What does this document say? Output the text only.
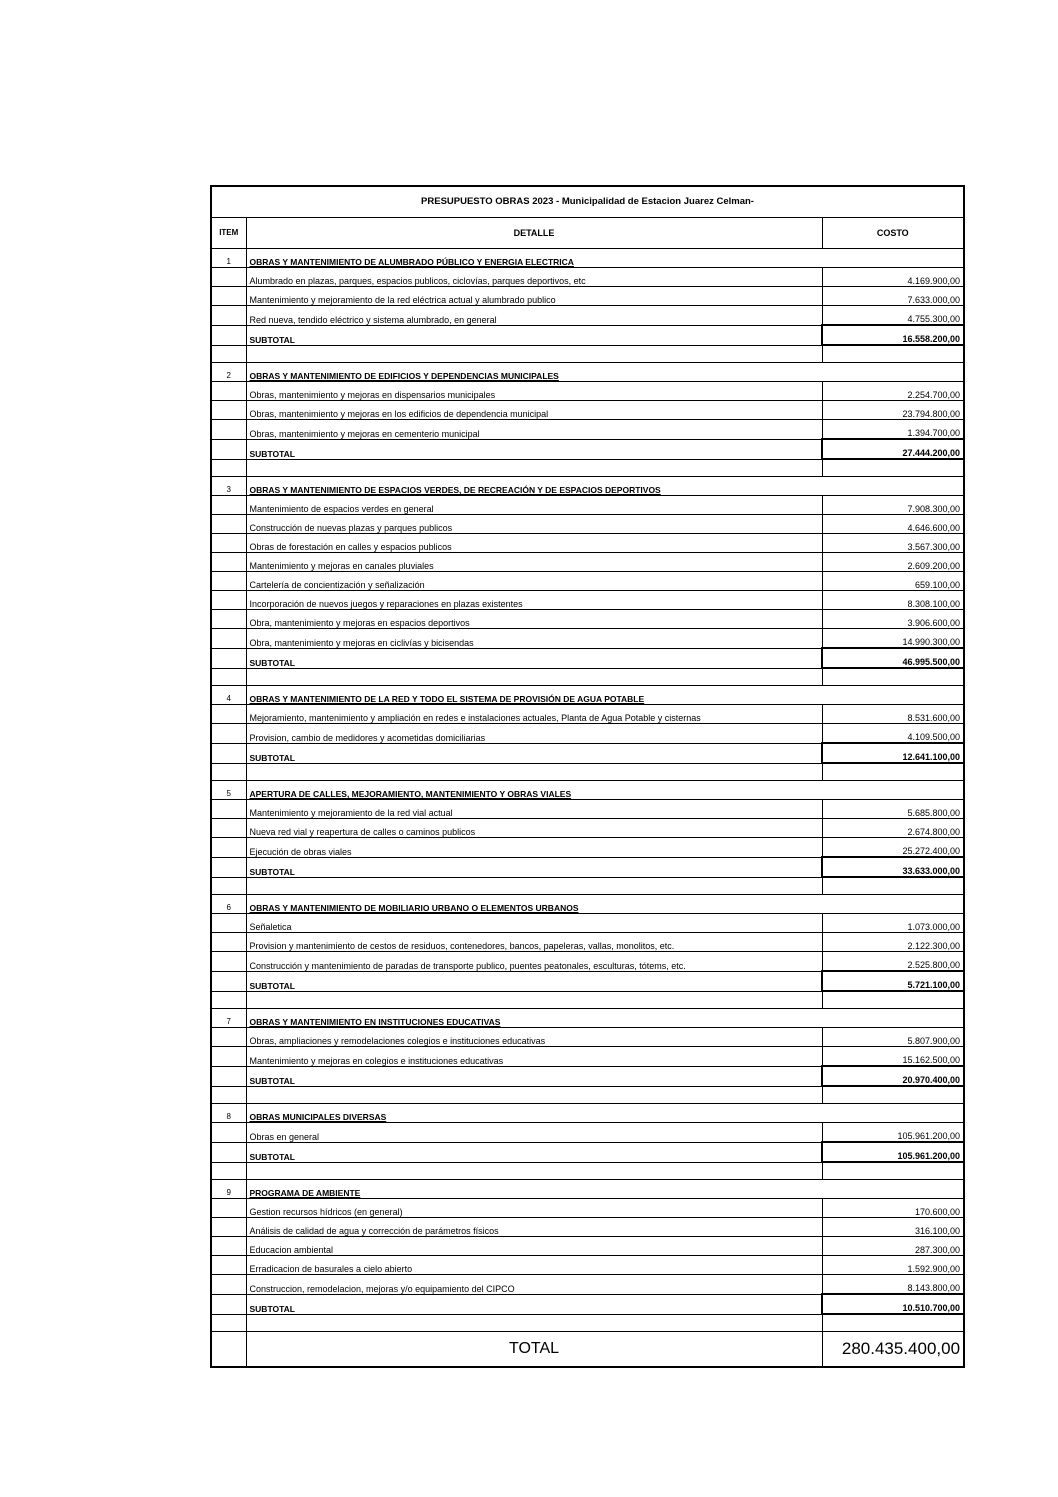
PRESUPUESTO OBRAS 2023 - Municipalidad de Estacion Juarez Celman-		
ITEM	DETALLE	COSTO
1	OBRAS Y MANTENIMIENTO DE ALUMBRADO PÚBLICO Y ENERGIA ELECTRICA	
	Alumbrado en plazas, parques, espacios publicos, ciclovías, parques deportivos, etc	4.169.900,00
	Mantenimiento y mejoramiento de la red eléctrica actual y alumbrado publico	7.633.000,00
	Red nueva, tendido eléctrico y sistema alumbrado, en general	4.755.300,00
	SUBTOTAL	16.558.200,00

2	OBRAS Y MANTENIMIENTO DE EDIFICIOS Y DEPENDENCIAS MUNICIPALES	
	Obras, mantenimiento y mejoras en dispensarios municipales	2.254.700,00
	Obras, mantenimiento y mejoras en los edificios de dependencia municipal	23.794.800,00
	Obras, mantenimiento y mejoras en cementerio municipal	1.394.700,00
	SUBTOTAL	27.444.200,00

3	OBRAS Y MANTENIMIENTO DE ESPACIOS VERDES, DE RECREACIÓN Y DE ESPACIOS DEPORTIVOS	
	Mantenimiento de espacios verdes en general	7.908.300,00
	Construcción de nuevas plazas y parques publicos	4.646.600,00
	Obras de forestación en calles y espacios publicos	3.567.300,00
	Mantenimiento y mejoras en canales pluviales	2.609.200,00
	Cartelería de concientización y señalización	659.100,00
	Incorporación de nuevos juegos y reparaciones en plazas existentes	8.308.100,00
	Obra, mantenimiento y mejoras en espacios deportivos	3.906.600,00
	Obra, mantenimiento y mejoras en ciclivías y bicisendas	14.990.300,00
	SUBTOTAL	46.995.500,00

4	OBRAS Y MANTENIMIENTO DE LA RED Y TODO EL SISTEMA DE PROVISIÓN DE AGUA POTABLE	
	Mejoramiento, mantenimiento y ampliación en redes e instalaciones actuales, Planta de Agua Potable y cisternas	8.531.600,00
	Provision, cambio de medidores y acometidas domiciliarias	4.109.500,00
	SUBTOTAL	12.641.100,00

5	APERTURA DE CALLES, MEJORAMIENTO, MANTENIMIENTO Y OBRAS VIALES	
	Mantenimiento y mejoramiento de la red vial actual	5.685.800,00
	Nueva red vial y reapertura de calles o caminos publicos	2.674.800,00
	Ejecución de obras viales	25.272.400,00
	SUBTOTAL	33.633.000,00

6	OBRAS Y MANTENIMIENTO DE MOBILIARIO URBANO O ELEMENTOS URBANOS	
	Señaletica	1.073.000,00
	Provision y mantenimiento de cestos de residuos, contenedores, bancos, papeleras, vallas, monolitos, etc.	2.122.300,00
	Construcción y mantenimiento de paradas de transporte publico, puentes peatonales, esculturas, tótems, etc.	2.525.800,00
	SUBTOTAL	5.721.100,00

7	OBRAS Y MANTENIMIENTO EN INSTITUCIONES EDUCATIVAS	
	Obras, ampliaciones y remodelaciones colegios e instituciones educativas	5.807.900,00
	Mantenimiento y mejoras en colegios e instituciones educativas	15.162.500,00
	SUBTOTAL	20.970.400,00

8	OBRAS MUNICIPALES DIVERSAS	
	Obras en general	105.961.200,00
	SUBTOTAL	105.961.200,00

9	PROGRAMA DE AMBIENTE	
	Gestion recursos hídricos (en general)	170.600,00
	Análisis de calidad de agua y corrección de parámetros físicos	316.100,00
	Educacion ambiental	287.300,00
	Erradicacion de basurales a cielo abierto	1.592.900,00
	Construccion, remodelacion, mejoras y/o equipamiento del CIPCO	8.143.800,00
	SUBTOTAL	10.510.700,00

	TOTAL	280.435.400,00
